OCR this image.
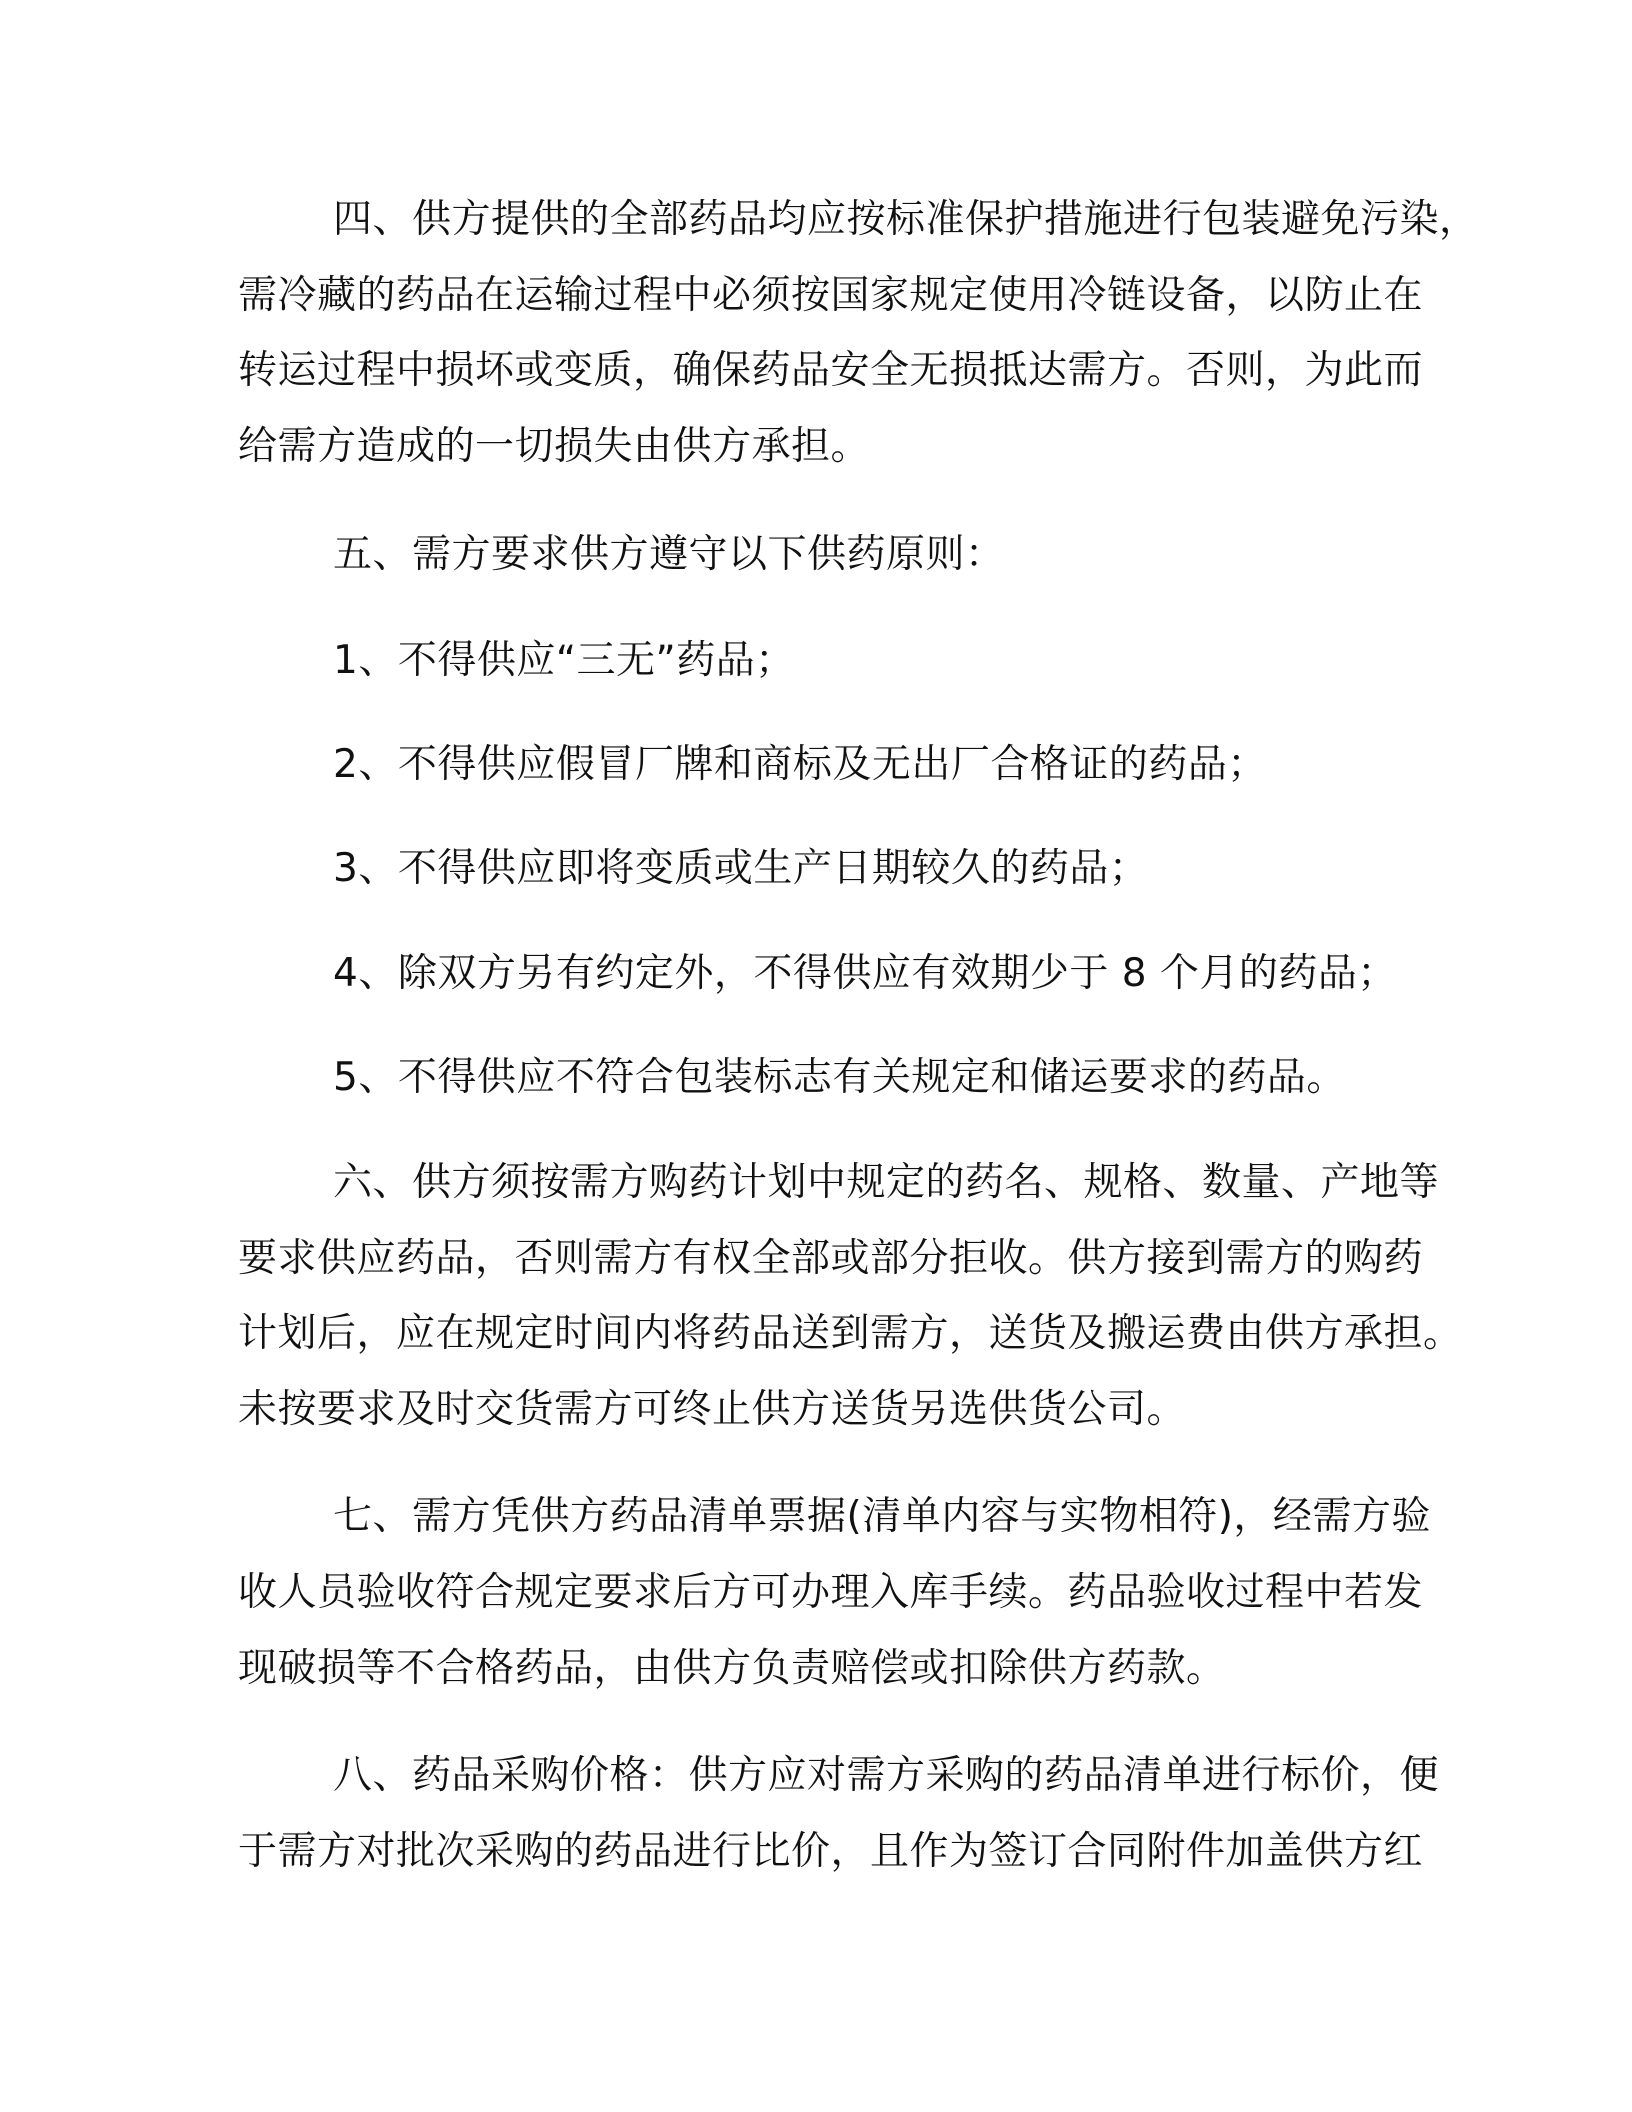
四、供方提供的全部药品均应按标准保护措施进行包装避免污染，
需冷藏的药品在运输过程中必须按国家规定使用冷链设备，以防止在
转运过程中损坏或变质，确保药品安全无损抵达需方。否则，为此而
给需方造成的一切损失由供方承担。
五、需方要求供方遵守以下供药原则：
1、不得供应“三无”药品；
2、不得供应假冒厂牌和商标及无出厂合格证的药品；
3、不得供应即将变质或生产日期较久的药品；
4、除双方另有约定外，不得供应有效期少于 8 个月的药品；
5、不得供应不符合包装标志有关规定和储运要求的药品。
六、供方须按需方购药计划中规定的药名、规格、数量、产地等
要求供应药品，否则需方有权全部或部分拒收。供方接到需方的购药
计划后，应在规定时间内将药品送到需方，送货及搬运费由供方承担。
未按要求及时交货需方可终止供方送货另选供货公司。
七、需方凭供方药品清单票据(清单内容与实物相符)，经需方验
收人员验收符合规定要求后方可办理入库手续。药品验收过程中若发
现破损等不合格药品，由供方负责赔偿或扣除供方药款。
八、药品采购价格：供方应对需方采购的药品清单进行标价，便
于需方对批次采购的药品进行比价，且作为签订合同附件加盖供方红
